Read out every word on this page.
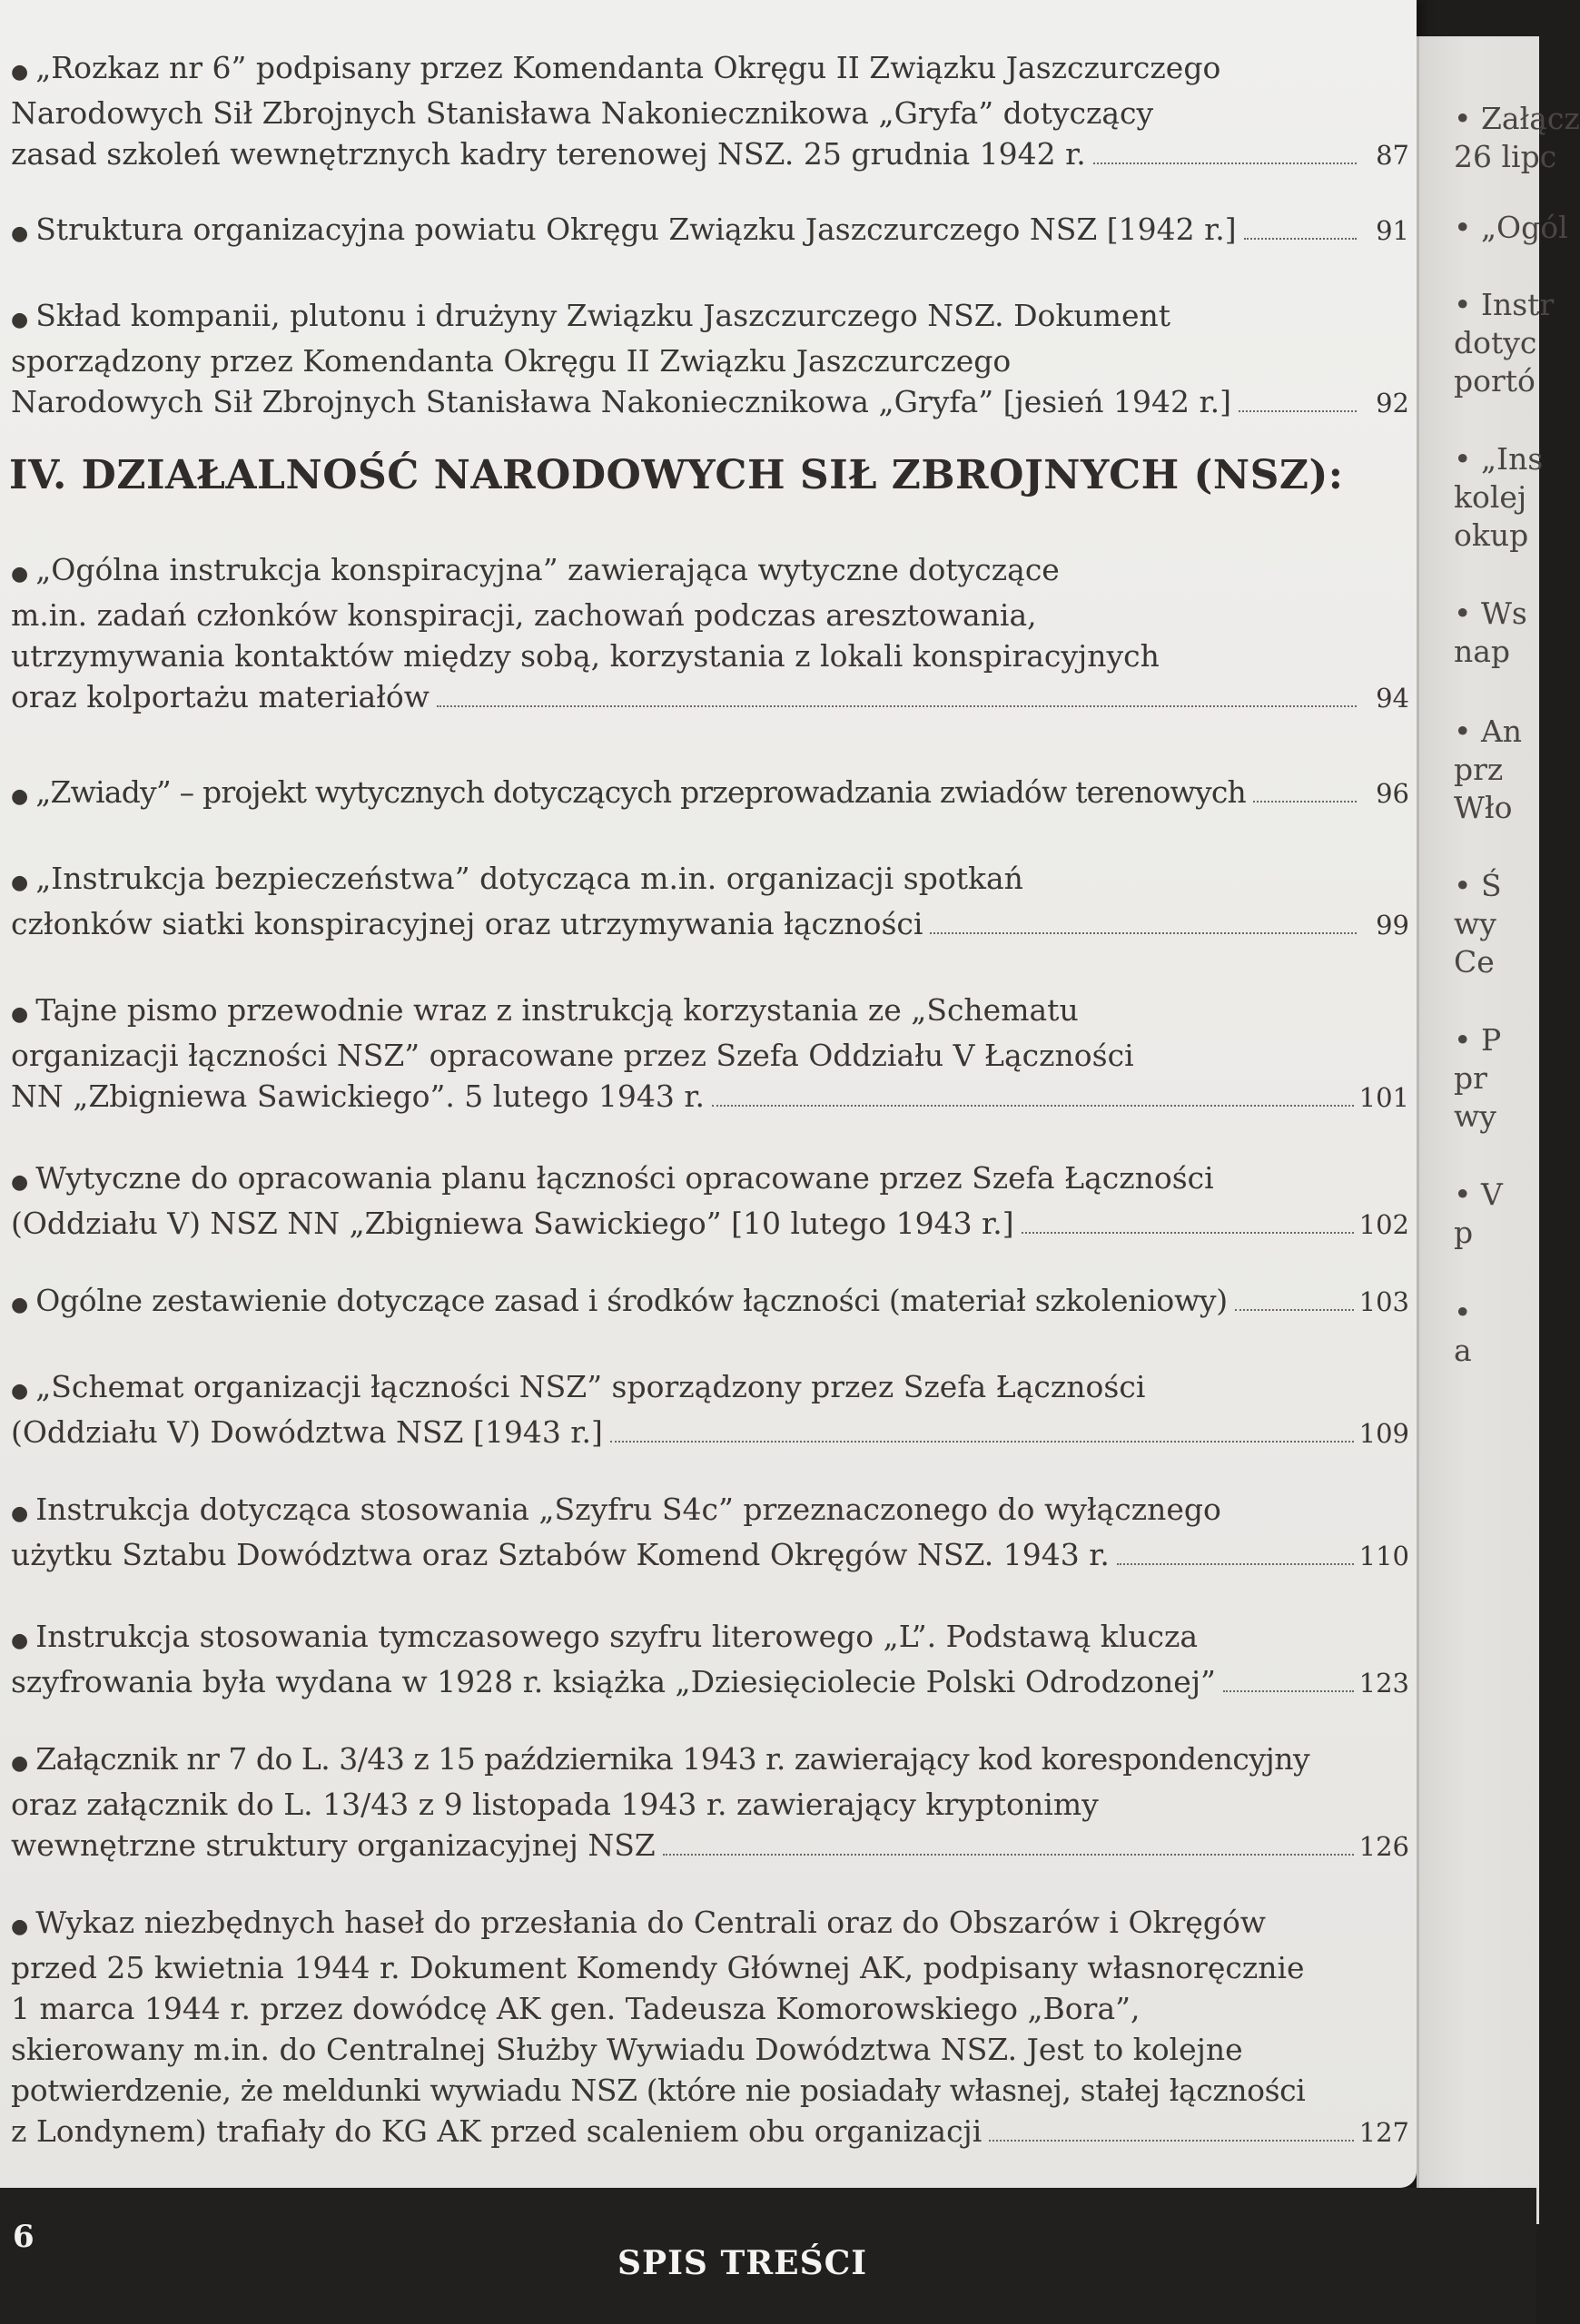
● „Rozkaz nr 6” podpisany przez Komendanta Okręgu II Związku Jaszczurczego
Narodowych Sił Zbrojnych Stanisława Nakoniecznikowa „Gryfa” dotyczący
zasad szkoleń wewnętrznych kadry terenowej NSZ. 25 grudnia 1942 r.	87
● Struktura organizacyjna powiatu Okręgu Związku Jaszczurczego NSZ [1942 r.]	91
● Skład kompanii, plutonu i drużyny Związku Jaszczurczego NSZ. Dokument
sporządzony przez Komendanta Okręgu II Związku Jaszczurczego
Narodowych Sił Zbrojnych Stanisława Nakoniecznikowa „Gryfa” [jesień 1942 r.]	92
IV. DZIAŁALNOŚĆ NARODOWYCH SIŁ ZBROJNYCH (NSZ):
● „Ogólna instrukcja konspiracyjna” zawierająca wytyczne dotyczące
m.in. zadań członków konspiracji, zachowań podczas aresztowania,
utrzymywania kontaktów między sobą, korzystania z lokali konspiracyjnych
oraz kolportażu materiałów	94
● „Zwiady” – projekt wytycznych dotyczących przeprowadzania zwiadów terenowych	96
● „Instrukcja bezpieczeństwa” dotycząca m.in. organizacji spotkań
członków siatki konspiracyjnej oraz utrzymywania łączności	99
● Tajne pismo przewodnie wraz z instrukcją korzystania ze „Schematu
organizacji łączności NSZ” opracowane przez Szefa Oddziału V Łączności
NN „Zbigniewa Sawickiego”. 5 lutego 1943 r.	101
● Wytyczne do opracowania planu łączności opracowane przez Szefa Łączności
(Oddziału V) NSZ NN „Zbigniewa Sawickiego” [10 lutego 1943 r.]	102
● Ogólne zestawienie dotyczące zasad i środków łączności (materiał szkoleniowy)	103
● „Schemat organizacji łączności NSZ” sporządzony przez Szefa Łączności
(Oddziału V) Dowództwa NSZ [1943 r.]	109
● Instrukcja dotycząca stosowania „Szyfru S4c” przeznaczonego do wyłącznego
użytku Sztabu Dowództwa oraz Sztabów Komend Okręgów NSZ. 1943 r.	110
● Instrukcja stosowania tymczasowego szyfru literowego „L”. Podstawą klucza
szyfrowania była wydana w 1928 r. książka „Dziesięciolecie Polski Odrodzonej”	123
● Załącznik nr 7 do L. 3/43 z 15 października 1943 r. zawierający kod korespondencyjny
oraz załącznik do L. 13/43 z 9 listopada 1943 r. zawierający kryptonimy
wewnętrzne struktury organizacyjnej NSZ	126
● Wykaz niezbędnych haseł do przesłania do Centrali oraz do Obszarów i Okręgów
przed 25 kwietnia 1944 r. Dokument Komendy Głównej AK, podpisany własnoręcznie
1 marca 1944 r. przez dowódcę AK gen. Tadeusza Komorowskiego „Bora”,
skierowany m.in. do Centralnej Służby Wywiadu Dowództwa NSZ. Jest to kolejne
potwierdzenie, że meldunki wywiadu NSZ (które nie posiadały własnej, stałej łączności
z Londynem) trafiały do KG AK przed scaleniem obu organizacji	127
• Załącz
26 lipc
• „Ogól
• Instr
dotyc
portó
• „Ins
kolej
okup
• Ws
nap
• An
prz
Wło
• Ś
wy
Ce
• P
pr
wy
• V
p
•
a
6
SPIS TREŚCI
